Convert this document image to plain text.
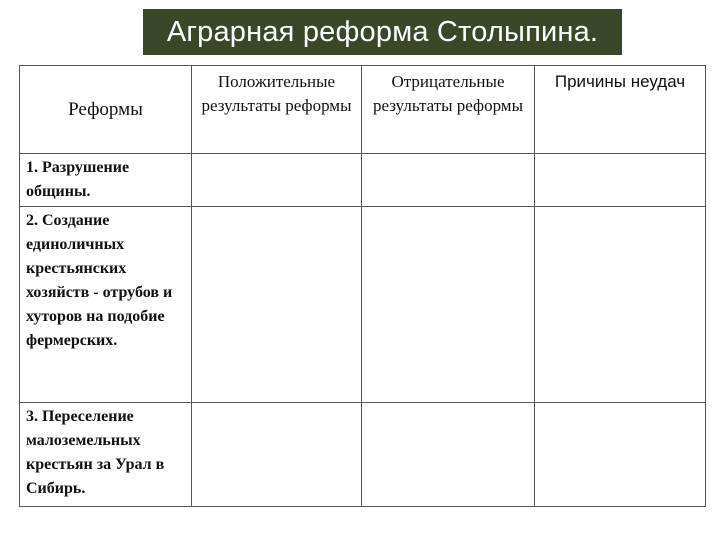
Аграрная реформа Столыпина.
Реформы	Положительные результаты реформы	Отрицательные результаты реформы	Причины неудач
1. Разрушение общины.			
2. Создание единоличных крестьянских хозяйств - отрубов и хуторов на подобие фермерских.			
3. Переселение малоземельных крестьян за Урал в Сибирь.			
